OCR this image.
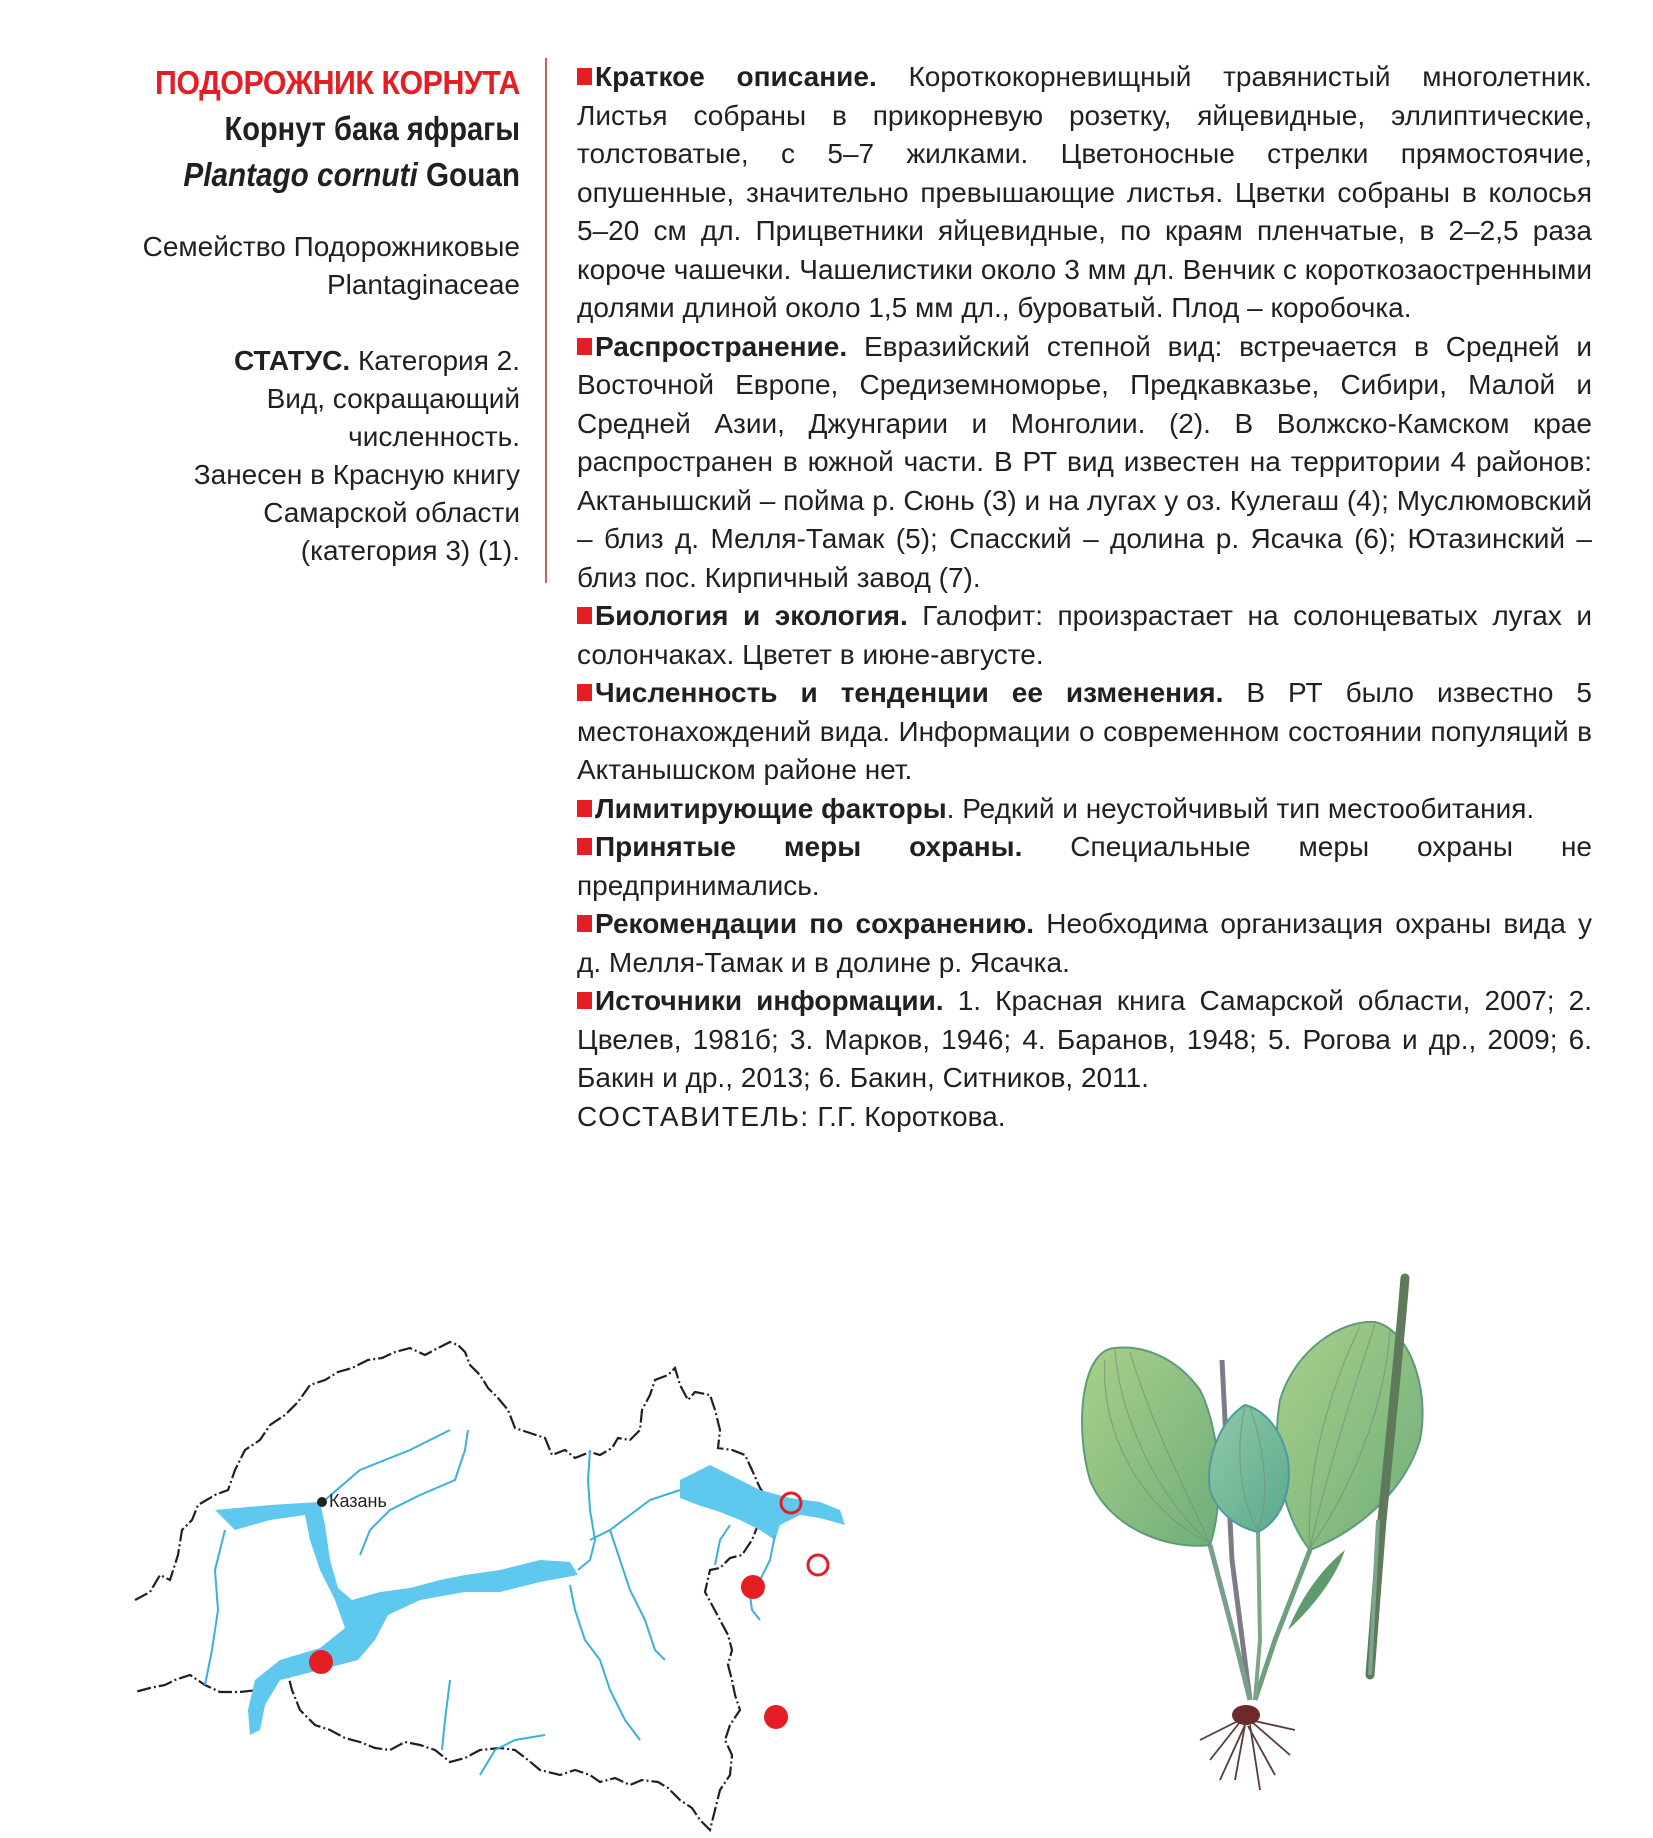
ПОДОРОЖНИК КОРНУТА
Корнут бака яфрагы
Plantago cornuti Gouan
Семейство Подорожниковые
Plantaginaceae
СТАТУС. Категория 2.
Вид, сокращающий
численность.
Занесен в Красную книгу
Самарской области
(категория 3) (1).

Краткое описание. Короткокорневищный травянистый многолетник. Листья собраны в прикорневую розетку, яйцевидные, эллиптические, толстоватые, с 5–7 жилками. Цветоносные стрелки прямостоячие, опушенные, значительно превышающие листья. Цветки собраны в колосья 5–20 см дл. Прицветники яйцевидные, по краям пленчатые, в 2–2,5 раза короче чашечки. Чашелистики около 3 мм дл. Венчик с короткозаостренными долями длиной около 1,5 мм дл., буроватый. Плод – коробочка.

Распространение. Евразийский степной вид: встречается в Средней и Восточной Европе, Средиземноморье, Предкавказье, Сибири, Малой и Средней Азии, Джунгарии и Монголии. (2). В Волжско-Камском крае распространен в южной части. В РТ вид известен на территории 4 районов: Актанышский – пойма р. Сюнь (3) и на лугах у оз. Кулегаш (4); Муслюмовский – близ д. Мелля-Тамак (5); Спасский – долина р. Ясачка (6); Ютазинский – близ пос. Кирпичный завод (7).

Биология и экология. Галофит: произрастает на солонцеватых лугах и солончаках. Цветет в июне-августе.

Численность и тенденции ее изменения. В РТ было известно 5 местонахождений вида. Информации о современном состоянии популяций в Актанышском районе нет.

Лимитирующие факторы. Редкий и неустойчивый тип местообитания.

Принятые меры охраны. Специальные меры охраны не предпринимались.

Рекомендации по сохранению. Необходима организация охраны вида у д. Мелля-Тамак и в долине р. Ясачка.

Источники информации. 1. Красная книга Самарской области, 2007; 2. Цвелев, 1981б; 3. Марков, 1946; 4. Баранов, 1948; 5. Рогова и др., 2009; 6. Бакин и др., 2013; 6. Бакин, Ситников, 2011.

СОСТАВИТЕЛЬ: Г.Г. Короткова.

Казань
